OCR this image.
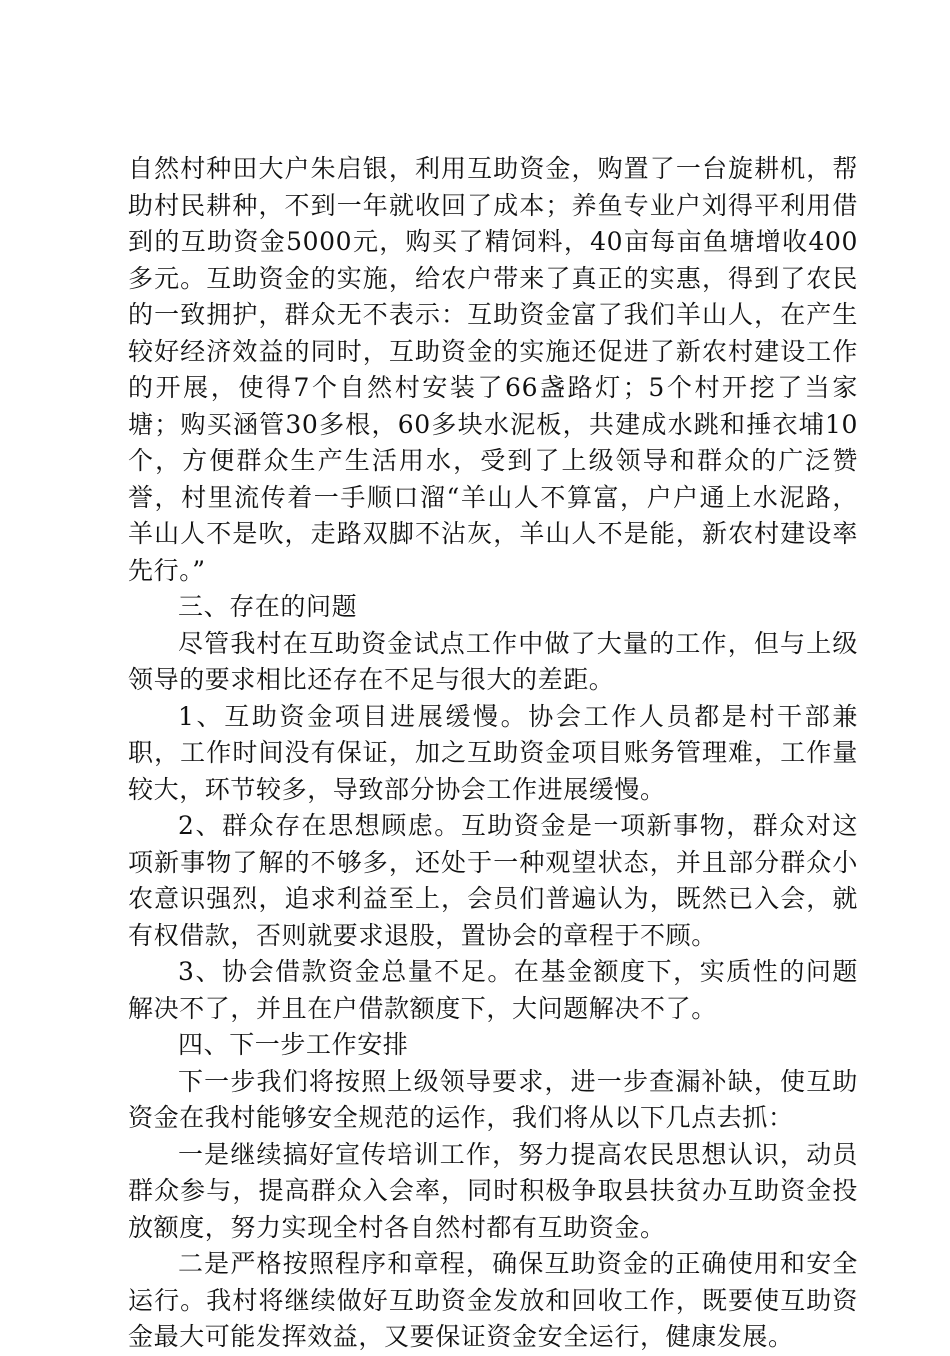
自然村种田大户朱启银，利用互助资金，购置了一台旋耕机，帮助村民耕种，不到一年就收回了成本；养鱼专业户刘得平利用借到的互助资金5000元，购买了精饲料，40亩每亩鱼塘增收400多元。互助资金的实施，给农户带来了真正的实惠，得到了农民的一致拥护，群众无不表示：互助资金富了我们羊山人，在产生较好经济效益的同时，互助资金的实施还促进了新农村建设工作的开展，使得7个自然村安装了66盏路灯；5个村开挖了当家塘；购买涵管30多根，60多块水泥板，共建成水跳和捶衣埔10个，方便群众生产生活用水，受到了上级领导和群众的广泛赞誉，村里流传着一手顺口溜“羊山人不算富，户户通上水泥路，羊山人不是吹，走路双脚不沾灰，羊山人不是能，新农村建设率先行。”

三、存在的问题

尽管我村在互助资金试点工作中做了大量的工作，但与上级领导的要求相比还存在不足与很大的差距。

1、互助资金项目进展缓慢。协会工作人员都是村干部兼职，工作时间没有保证，加之互助资金项目账务管理难，工作量较大，环节较多，导致部分协会工作进展缓慢。

2、群众存在思想顾虑。互助资金是一项新事物，群众对这项新事物了解的不够多，还处于一种观望状态，并且部分群众小农意识强烈，追求利益至上，会员们普遍认为，既然已入会，就有权借款，否则就要求退股，置协会的章程于不顾。

3、协会借款资金总量不足。在基金额度下，实质性的问题解决不了，并且在户借款额度下，大问题解决不了。

四、下一步工作安排

下一步我们将按照上级领导要求，进一步查漏补缺，使互助资金在我村能够安全规范的运作，我们将从以下几点去抓：

一是继续搞好宣传培训工作，努力提高农民思想认识，动员群众参与，提高群众入会率，同时积极争取县扶贫办互助资金投放额度，努力实现全村各自然村都有互助资金。

二是严格按照程序和章程，确保互助资金的正确使用和安全运行。我村将继续做好互助资金发放和回收工作，既要使互助资金最大可能发挥效益，又要保证资金安全运行，健康发展。
